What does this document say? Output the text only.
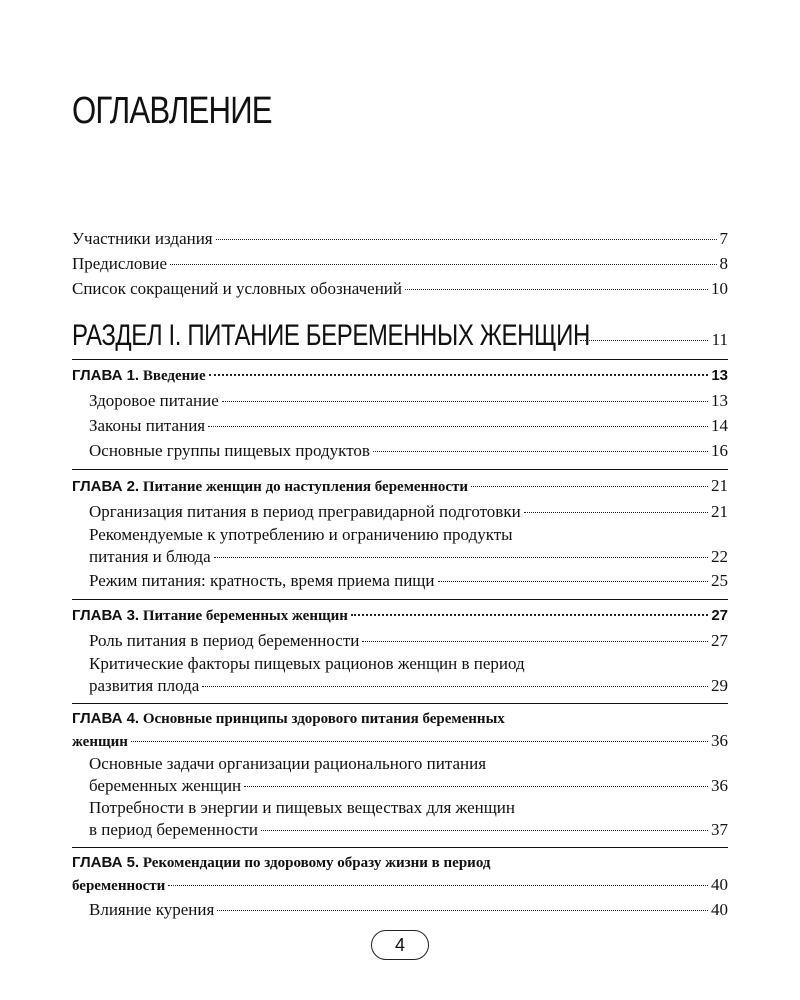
ОГЛАВЛЕНИЕ
Участники издания	7
Предисловие	8
Список сокращений и условных обозначений	10
РАЗДЕЛ I. ПИТАНИЕ БЕРЕМЕННЫХ ЖЕНЩИН	11
ГЛАВА 1. Введение	13
Здоровое питание	13
Законы питания	14
Основные группы пищевых продуктов	16
ГЛАВА 2. Питание женщин до наступления беременности	21
Организация питания в период прегравидарной подготовки	21
Рекомендуемые к употреблению и ограничению продукты
питания и блюда	22
Режим питания: кратность, время приема пищи	25
ГЛАВА 3. Питание беременных женщин	27
Роль питания в период беременности	27
Критические факторы пищевых рационов женщин в период
развития плода	29
ГЛАВА 4. Основные принципы здорового питания беременных
женщин	36
Основные задачи организации рационального питания
беременных женщин	36
Потребности в энергии и пищевых веществах для женщин
в период беременности	37
ГЛАВА 5. Рекомендации по здоровому образу жизни в период
беременности	40
Влияние курения	40
4
